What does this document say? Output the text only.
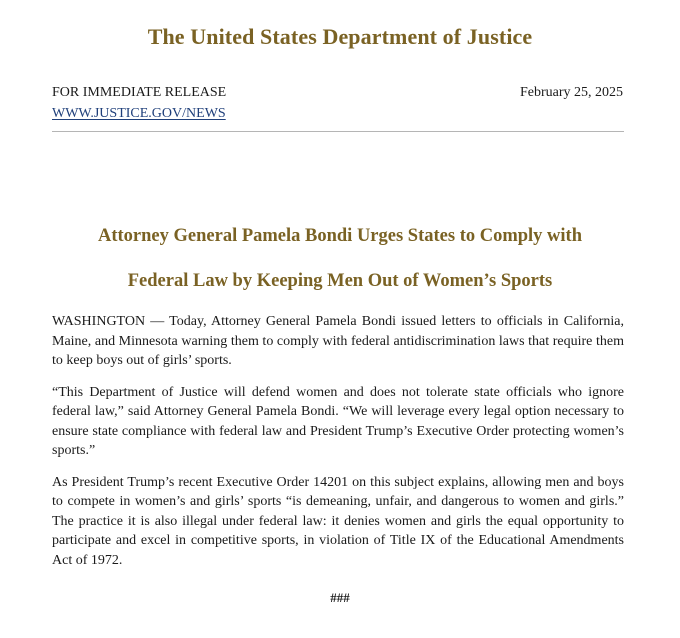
The United States Department of Justice
FOR IMMEDIATE RELEASE	February 25, 2025
WWW.JUSTICE.GOV/NEWS
Attorney General Pamela Bondi Urges States to Comply with
Federal Law by Keeping Men Out of Women’s Sports

WASHINGTON — Today, Attorney General Pamela Bondi issued letters to officials in California, Maine, and Minnesota warning them to comply with federal antidiscrimination laws that require them to keep boys out of girls’ sports.

“This Department of Justice will defend women and does not tolerate state officials who ignore federal law,” said Attorney General Pamela Bondi. “We will leverage every legal option necessary to ensure state compliance with federal law and President Trump’s Executive Order protecting women’s sports.”

As President Trump’s recent Executive Order 14201 on this subject explains, allowing men and boys to compete in women’s and girls’ sports “is demeaning, unfair, and dangerous to women and girls.” The practice it is also illegal under federal law: it denies women and girls the equal opportunity to participate and excel in competitive sports, in violation of Title IX of the Educational Amendments Act of 1972.

###
